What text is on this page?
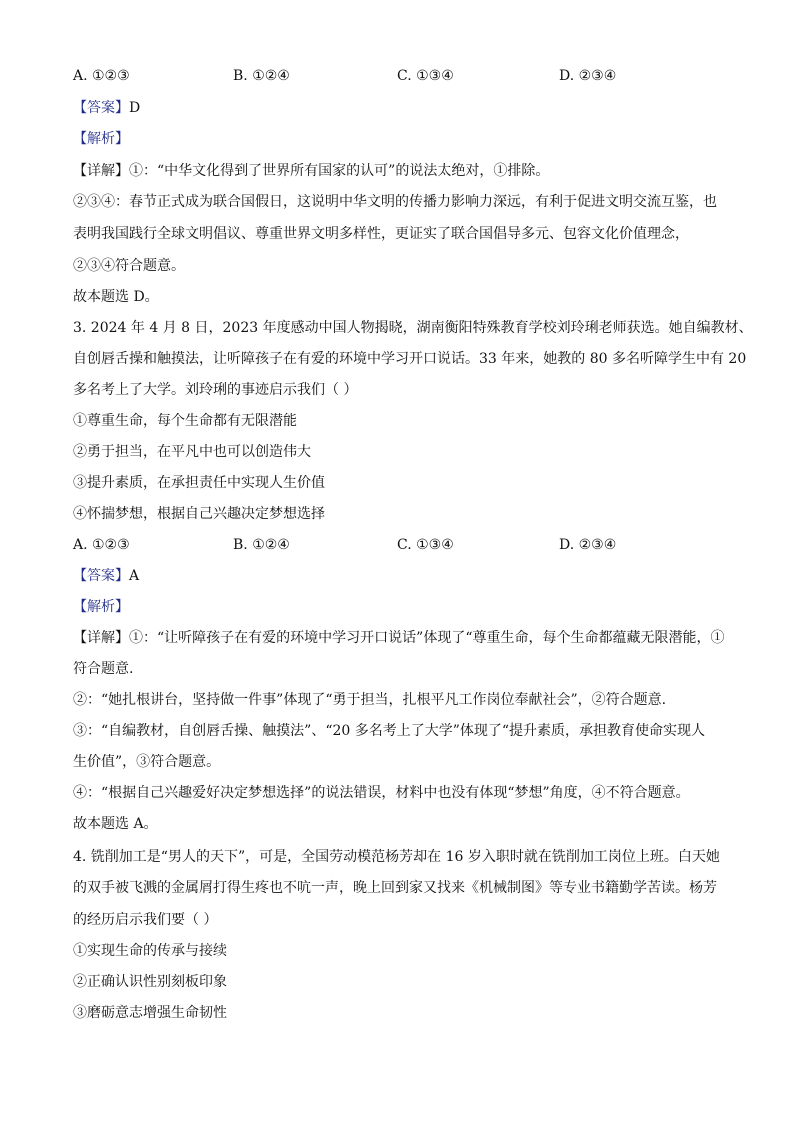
A. ①②③	B. ①②④	C. ①③④	D. ②③④
【答案】D
【解析】
【详解】①：“中华文化得到了世界所有国家的认可”的说法太绝对，①排除。
②③④：春节正式成为联合国假日，这说明中华文明的传播力影响力深远，有利于促进文明交流互鉴，也
表明我国践行全球文明倡议、尊重世界文明多样性，更证实了联合国倡导多元、包容文化价值理念，
②③④符合题意。
故本题选 D。
3. 2024 年 4 月 8 日，2023 年度感动中国人物揭晓，湖南衡阳特殊教育学校刘玲琍老师获选。她自编教材、
自创唇舌操和触摸法，让听障孩子在有爱的环境中学习开口说话。33 年来，她教的 80 多名听障学生中有 20
多名考上了大学。刘玲琍的事迹启示我们（ ）
①尊重生命，每个生命都有无限潜能
②勇于担当，在平凡中也可以创造伟大
③提升素质，在承担责任中实现人生价值
④怀揣梦想，根据自己兴趣决定梦想选择
A. ①②③	B. ①②④	C. ①③④	D. ②③④
【答案】A
【解析】
【详解】①：“让听障孩子在有爱的环境中学习开口说话”体现了“尊重生命，每个生命都蕴藏无限潜能，①
符合题意.
②：“她扎根讲台，坚持做一件事”体现了“勇于担当，扎根平凡工作岗位奉献社会”，②符合题意.
③：“自编教材，自创唇舌操、触摸法”、“20 多名考上了大学”体现了“提升素质，承担教育使命实现人
生价值”，③符合题意。
④：“根据自己兴趣爱好决定梦想选择”的说法错误，材料中也没有体现“梦想”角度，④不符合题意。
故本题选 A。
4. 铣削加工是“男人的天下”，可是，全国劳动模范杨芳却在 16 岁入职时就在铣削加工岗位上班。白天她
的双手被飞溅的金属屑打得生疼也不吭一声，晚上回到家又找来《机械制图》等专业书籍勤学苦读。杨芳
的经历启示我们要（ ）
①实现生命的传承与接续
②正确认识性别刻板印象
③磨砺意志增强生命韧性
